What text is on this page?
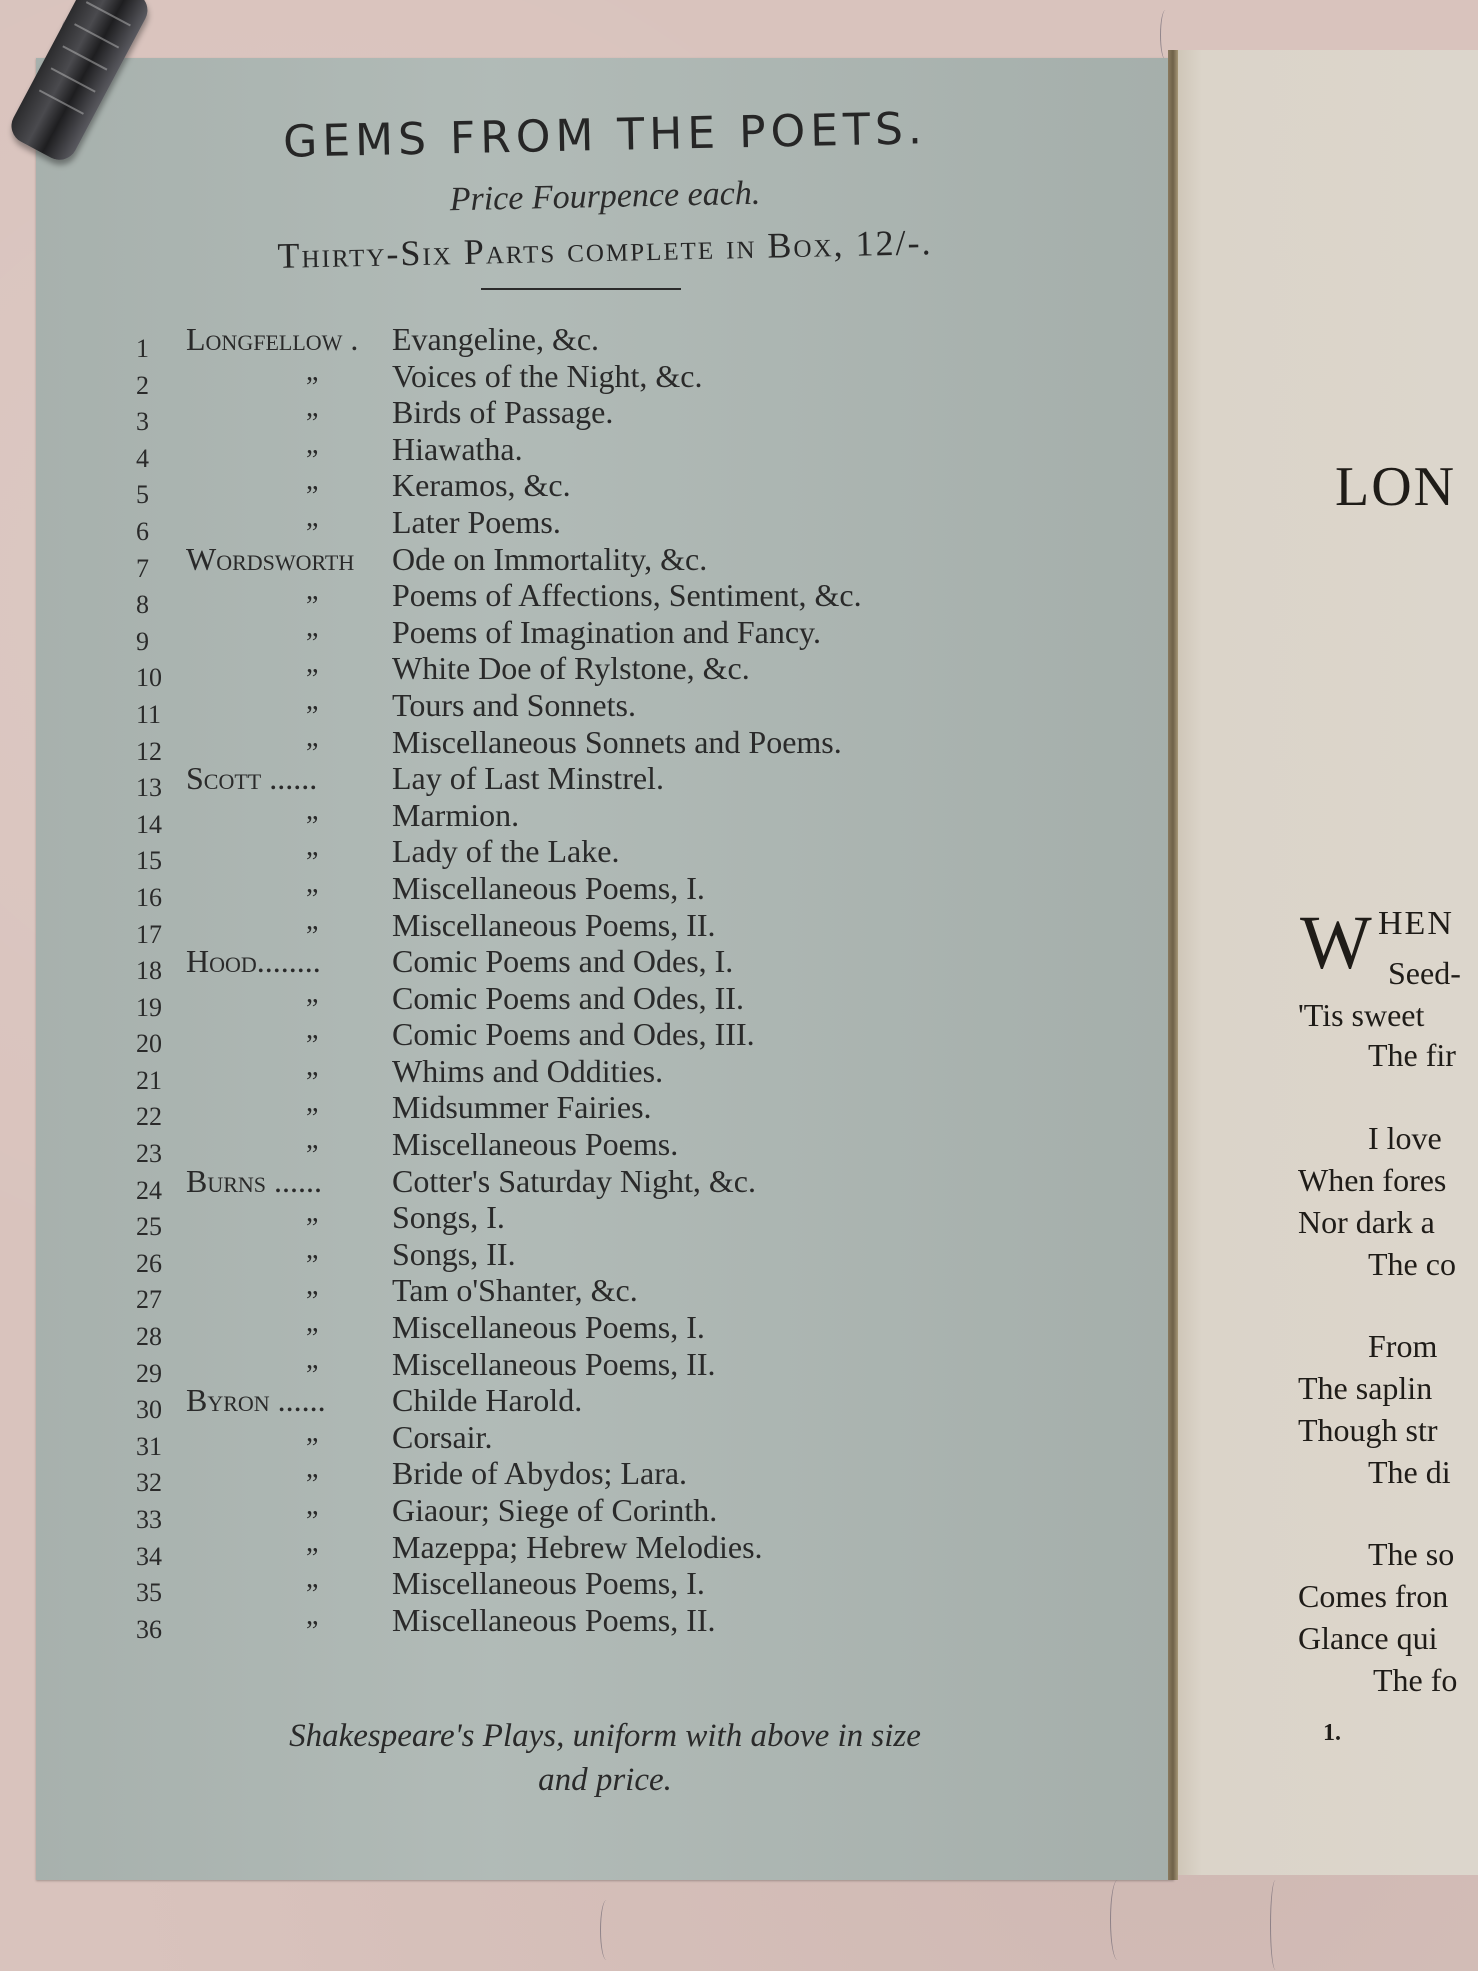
GEMS FROM THE POETS.
Price Fourpence each.
Thirty-Six Parts complete in Box, 12/-.
1	Longfellow . Evangeline, &c.
2	” Voices of the Night, &c.
3	” Birds of Passage.
4	” Hiawatha.
5	” Keramos, &c.
6	” Later Poems.
7	Wordsworth Ode on Immortality, &c.
8	” Poems of Affections, Sentiment, &c.
9	” Poems of Imagination and Fancy.
10	” White Doe of Rylstone, &c.
11	” Tours and Sonnets.
12	” Miscellaneous Sonnets and Poems.
13 Scott ...... Lay of Last Minstrel.
14	” Marmion.
15	” Lady of the Lake.
16	” Miscellaneous Poems, I.
17	” Miscellaneous Poems, II.
18 Hood........ Comic Poems and Odes, I.
19	” Comic Poems and Odes, II.
20	” Comic Poems and Odes, III.
21	” Whims and Oddities.
22	” Midsummer Fairies.
23	” Miscellaneous Poems.
24 Burns ...... Cotter's Saturday Night, &c.
25	” Songs, I.
26	” Songs, II.
27	” Tam o'Shanter, &c.
28	” Miscellaneous Poems, I.
29	” Miscellaneous Poems, II.
30 Byron ...... Childe Harold.
31	” Corsair.
32	” Bride of Abydos; Lara.
33	” Giaour; Siege of Corinth.
34	” Mazeppa; Hebrew Melodies.
35	” Miscellaneous Poems, I.
36	” Miscellaneous Poems, II.
Shakespeare's Plays, uniform with above in size
and price.
LON
W HEN
Seed-
'Tis sweet
The fir
I love
When fores
Nor dark a
The co
From
The saplin
Though str
The di
The so
Comes fron
Glance qui
The fo
1.
